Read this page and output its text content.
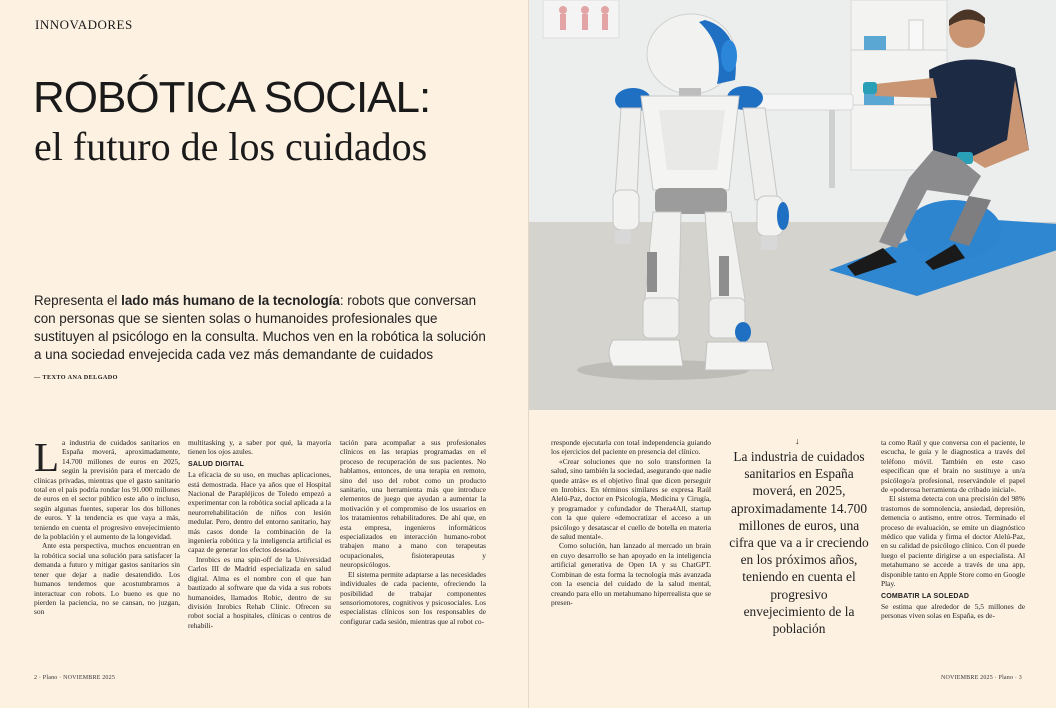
INNOVADORES
ROBÓTICA SOCIAL:
el futuro de los cuidados
Representa el lado más humano de la tecnología: robots que conversan con personas que se sienten solas o humanoides profesionales que sustituyen al psicólogo en la consulta. Muchos ven en la robótica la solución a una sociedad envejecida cada vez más demandante de cuidados
— TEXTO ANA DELGADO

La industria de cuidados sanitarios en España moverá, aproximadamente, 14.700 millones de euros en 2025, según la previsión para el mercado de clínicas privadas, mientras que el gasto sanitario total en el país podría rondar los 91.000 millones de euros en el sector público este año o incluso, según algunas fuentes, superar los dos billones de euros. Y la tendencia es que vaya a más, teniendo en cuenta el progresivo envejecimiento de la población y el aumento de la longevidad.

Ante esta perspectiva, muchos encuentran en la robótica social una solución para satisfacer la demanda a futuro y mitigar gastos sanitarios sin tener que dejar a nadie desatendido. Los humanos tendemos que acostumbrarnos a interactuar con robots. Lo bueno es que no pierden la paciencia, no se cansan, no juzgan, son

multitasking y, a saber por qué, la mayoría tienen los ojos azules.

SALUD DIGITAL

La eficacia de su uso, en muchas aplicaciones, está demostrada. Hace ya años que el Hospital Nacional de Parapléjicos de Toledo empezó a experimentar con la robótica social aplicada a la neurorrehabilitación de niños con lesión medular. Pero, dentro del entorno sanitario, hay más casos donde la combinación de la ingeniería robótica y la inteligencia artificial es capaz de generar los efectos deseados.

Inrobics es una spin-off de la Universidad Carlos III de Madrid especializada en salud digital. Alma es el nombre con el que han bautizado al software que da vida a sus robots humanoides, llamados Robic, dentro de su división Inrobics Rehab Clinic. Ofrecen su robot social a hospitales, clínicas o centros de rehabili-

tación para acompañar a sus profesionales clínicos en las terapias programadas en el proceso de recuperación de sus pacientes. No hablamos, entonces, de una terapia en remoto, sino del uso del robot como un producto sanitario, una herramienta más que introduce elementos de juego que ayudan a aumentar la motivación y el compromiso de los usuarios en los tratamientos rehabilitadores. De ahí que, en esta empresa, ingenieros informáticos especializados en interacción humano-robot trabajen mano a mano con terapeutas ocupacionales, fisioterapeutas y neuropsicólogos.

El sistema permite adaptarse a las necesidades individuales de cada paciente, ofreciendo la posibilidad de trabajar componentes sensoriomotores, cognitivos y psicosociales. Los especialistas clínicos son los responsables de configurar cada sesión, mientras que al robot co-

2 · Plano · NOVIEMBRE 2025

rresponde ejecutarla con total independencia guiando los ejercicios del paciente en presencia del clínico.

«Crear soluciones que no solo transformen la salud, sino también la sociedad, asegurando que nadie quede atrás» es el objetivo final que dicen perseguir en Inrobics. En términos similares se expresa Raúl Alelú-Paz, doctor en Psicología, Medicina y Cirugía, y programador y cofundador de Thera4All, startup con la que quiere «democratizar el acceso a un psicólogo y desatascar el cuello de botella en materia de salud mental».

Como solución, han lanzado al mercado un brain en cuyo desarrollo se han apoyado en la inteligencia artificial generativa de Open IA y su ChatGPT. Combinan de esta forma la tecnología más avanzada con la esencia del cuidado de la salud mental, creando para ello un metahumano hiperrealista que se presen-

↓
La industria de cuidados sanitarios en España moverá, en 2025, aproximadamente 14.700 millones de euros, una cifra que va a ir creciendo en los próximos años, teniendo en cuenta el progresivo envejecimiento de la población

ta como Raúl y que conversa con el paciente, le escucha, le guía y le diagnostica a través del teléfono móvil. También en este caso especifican que el brain no sustituye a un/a psicólogo/a profesional, reservándole el papel de «poderosa herramienta de cribado inicial».

El sistema detecta con una precisión del 98% trastornos de somnolencia, ansiedad, depresión, demencia o autismo, entre otros. Terminado el proceso de evaluación, se emite un diagnóstico médico que valida y firma el doctor Alelú-Paz, en su calidad de psicólogo clínico. Con él puede luego el paciente dirigirse a un especialista. Al metahumano se accede a través de una app, disponible tanto en Apple Store como en Google Play.

COMBATIR LA SOLEDAD

Se estima que alrededor de 5,5 millones de personas viven solas en España, es de-

NOVIEMBRE 2025 · Plano · 3
